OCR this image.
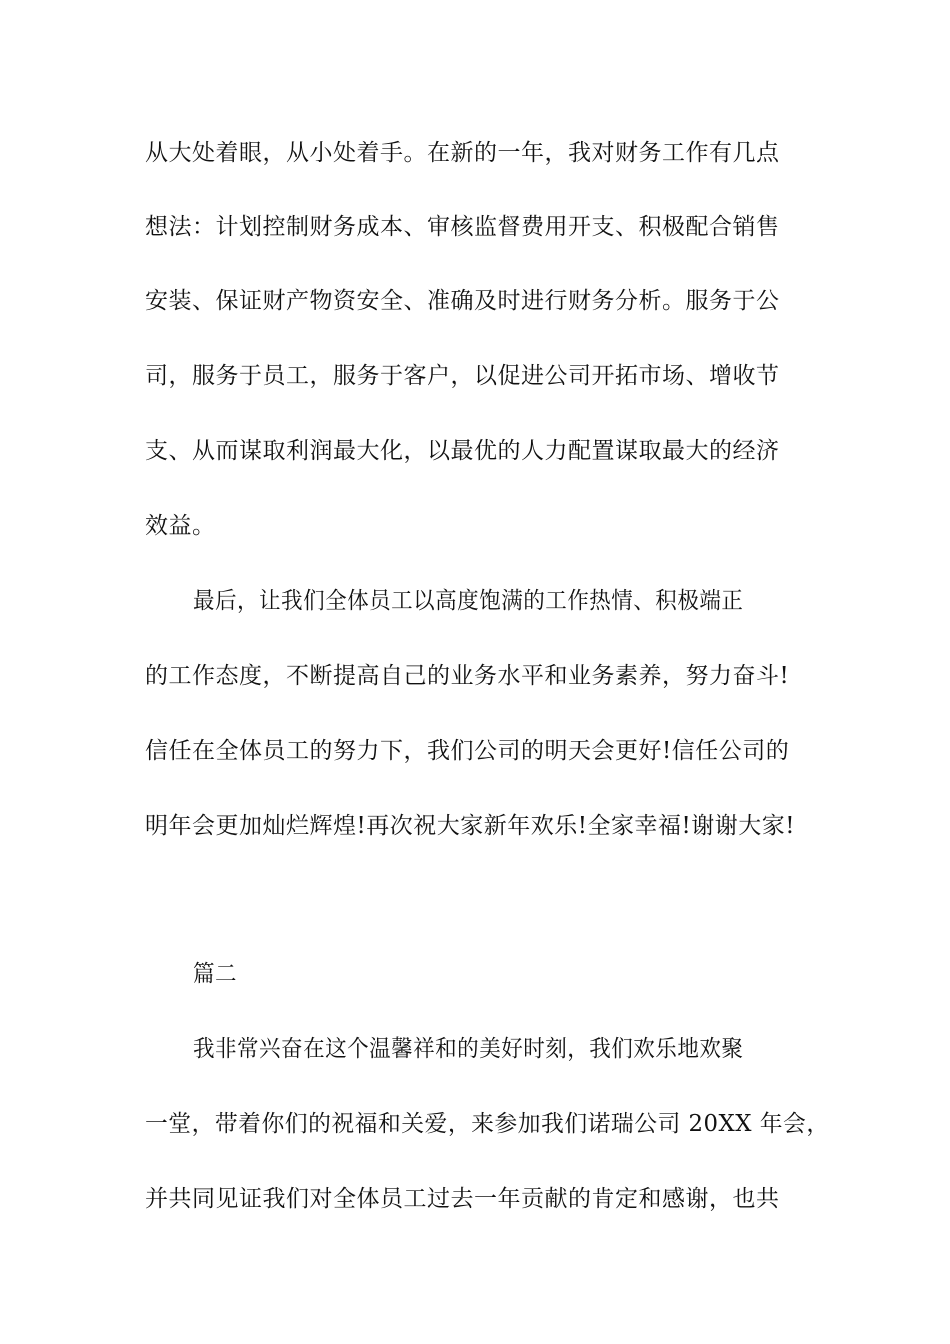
从大处着眼，从小处着手。在新的一年，我对财务工作有几点
想法：计划控制财务成本、审核监督费用开支、积极配合销售
安装、保证财产物资安全、准确及时进行财务分析。服务于公
司，服务于员工，服务于客户，以促进公司开拓市场、增收节
支、从而谋取利润最大化，以最优的人力配置谋取最大的经济
效益。
最后，让我们全体员工以高度饱满的工作热情、积极端正
的工作态度，不断提高自己的业务水平和业务素养，努力奋斗!
信任在全体员工的努力下，我们公司的明天会更好!信任公司的
明年会更加灿烂辉煌!再次祝大家新年欢乐!全家幸福!谢谢大家!
篇二
我非常兴奋在这个温馨祥和的美好时刻，我们欢乐地欢聚
一堂，带着你们的祝福和关爱，来参加我们诺瑞公司 20XX 年会，
并共同见证我们对全体员工过去一年贡献的肯定和感谢，也共
